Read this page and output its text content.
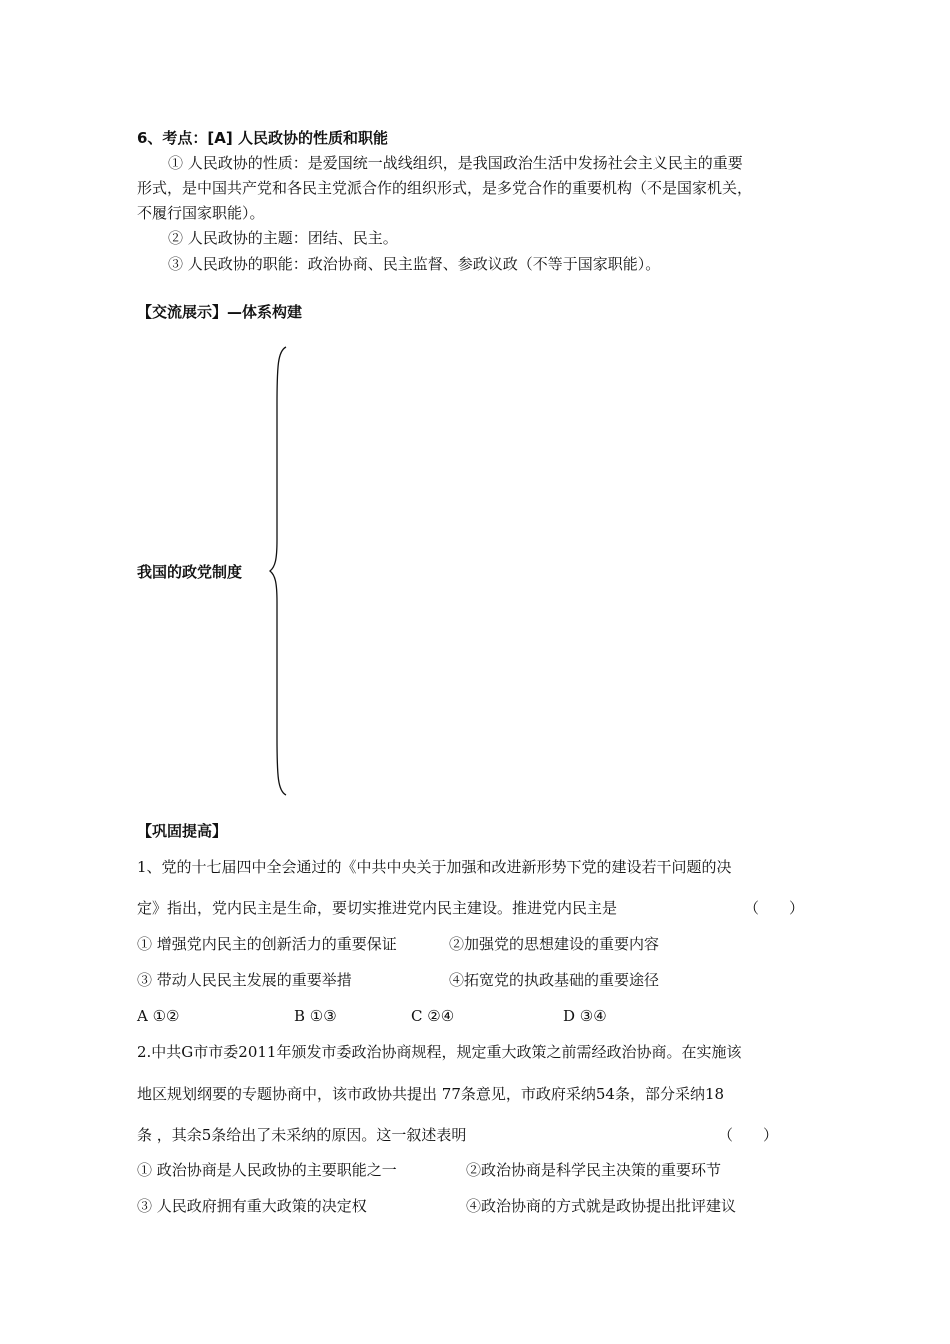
6、考点：[A] 人民政协的性质和职能
① 人民政协的性质：是爱国统一战线组织，是我国政治生活中发扬社会主义民主的重要
形式，是中国共产党和各民主党派合作的组织形式，是多党合作的重要机构（不是国家机关，
不履行国家职能）。
② 人民政协的主题：团结、民主。
③ 人民政协的职能：政治协商、民主监督、参政议政（不等于国家职能）。
【交流展示】—体系构建
我国的政党制度
【巩固提高】
1、党的十七届四中全会通过的《中共中央关于加强和改进新形势下党的建设若干问题的决
定》指出，党内民主是生命，要切实推进党内民主建设。推进党内民主是	（　　）
① 增强党内民主的创新活力的重要保证	②加强党的思想建设的重要内容
③ 带动人民民主发展的重要举措	④拓宽党的执政基础的重要途径
A ①②	B ①③	C ②④	D ③④
2.中共G市市委2011年颁发市委政治协商规程，规定重大政策之前需经政治协商。在实施该
地区规划纲要的专题协商中，该市政协共提出 77条意见，市政府采纳54条，部分采纳18
条 ，其余5条给出了未采纳的原因。这一叙述表明	（　　）
① 政治协商是人民政协的主要职能之一	②政治协商是科学民主决策的重要环节
③ 人民政府拥有重大政策的决定权	④政治协商的方式就是政协提出批评建议
